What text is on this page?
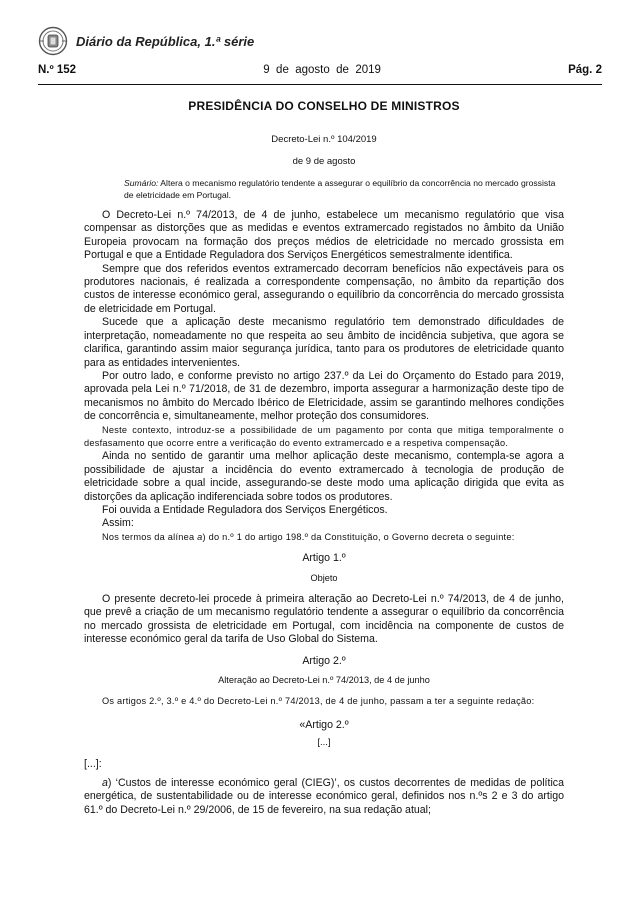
Diário da República, 1.ª série
N.º 152	9  de  agosto  de  2019	Pág. 2
PRESIDÊNCIA DO CONSELHO DE MINISTROS
Decreto-Lei n.º 104/2019
de 9 de agosto
Sumário: Altera o mecanismo regulatório tendente a assegurar o equilíbrio da concorrência no mercado grossista de eletricidade em Portugal.

O Decreto-Lei n.º 74/2013, de 4 de junho, estabelece um mecanismo regulatório que visa compensar as distorções que as medidas e eventos extramercado registados no âmbito da União Europeia provocam na formação dos preços médios de eletricidade no mercado grossista em Portugal e que a Entidade Reguladora dos Serviços Energéticos semestralmente identifica.

Sempre que dos referidos eventos extramercado decorram benefícios não expectáveis para os produtores nacionais, é realizada a correspondente compensação, no âmbito da repartição dos custos de interesse económico geral, assegurando o equilíbrio da concorrência do mercado grossista de eletricidade em Portugal.

Sucede que a aplicação deste mecanismo regulatório tem demonstrado dificuldades de interpretação, nomeadamente no que respeita ao seu âmbito de incidência subjetiva, que agora se clarifica, garantindo assim maior segurança jurídica, tanto para os produtores de eletricidade quanto para as entidades intervenientes.

Por outro lado, e conforme previsto no artigo 237.º da Lei do Orçamento do Estado para 2019, aprovada pela Lei n.º 71/2018, de 31 de dezembro, importa assegurar a harmonização deste tipo de mecanismos no âmbito do Mercado Ibérico de Eletricidade, assim se garantindo melhores condições de concorrência e, simultaneamente, melhor proteção dos consumidores.

Neste contexto, introduz-se a possibilidade de um pagamento por conta que mitiga temporalmente o desfasamento que ocorre entre a verificação do evento extramercado e a respetiva compensação.

Ainda no sentido de garantir uma melhor aplicação deste mecanismo, contempla-se agora a possibilidade de ajustar a incidência do evento extramercado à tecnologia de produção de eletricidade sobre a qual incide, assegurando-se deste modo uma aplicação dirigida que evita as distorções da aplicação indiferenciada sobre todos os produtores.

Foi ouvida a Entidade Reguladora dos Serviços Energéticos.

Assim:

Nos termos da alínea a) do n.º 1 do artigo 198.º da Constituição, o Governo decreta o seguinte:

Artigo 1.º
Objeto

O presente decreto-lei procede à primeira alteração ao Decreto-Lei n.º 74/2013, de 4 de junho, que prevê a criação de um mecanismo regulatório tendente a assegurar o equilíbrio da concorrência no mercado grossista de eletricidade em Portugal, com incidência na componente de custos de interesse económico geral da tarifa de Uso Global do Sistema.

Artigo 2.º
Alteração ao Decreto-Lei n.º 74/2013, de 4 de junho

Os artigos 2.º, 3.º e 4.º do Decreto-Lei n.º 74/2013, de 4 de junho, passam a ter a seguinte redação:

«Artigo 2.º
[...]

[...]:

a) ‘Custos de interesse económico geral (CIEG)’, os custos decorrentes de medidas de política energética, de sustentabilidade ou de interesse económico geral, definidos nos n.ºs 2 e 3 do artigo 61.º do Decreto-Lei n.º 29/2006, de 15 de fevereiro, na sua redação atual;
